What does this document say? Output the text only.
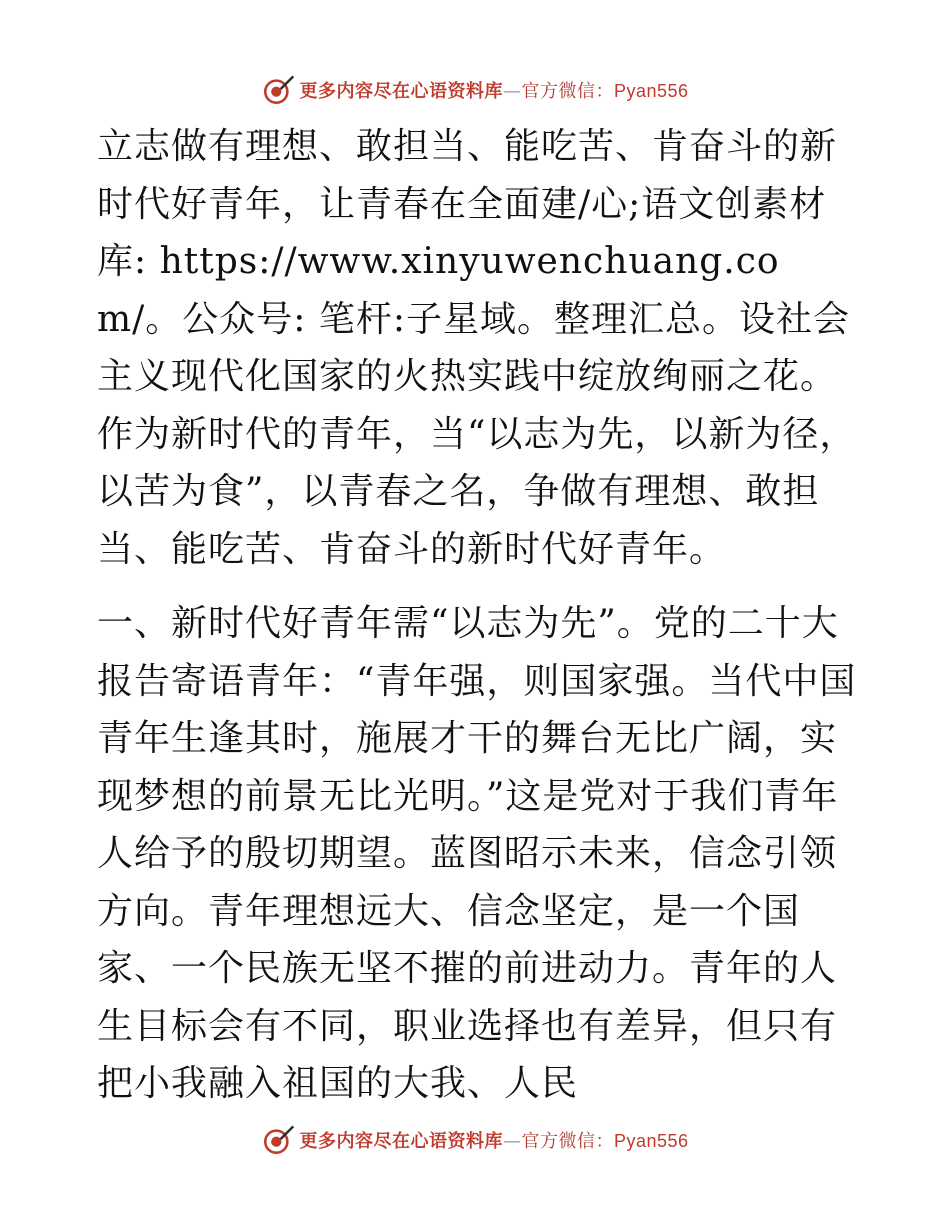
更多内容尽在心语资料库—官方微信：Pyan556

立志做有理想、敢担当、能吃苦、肯奋斗的新时代好青年，让青春在全面建/心;语文创素材库: https://www.xinyuwenchuang.com/。公众号: 笔杆:子星域。整理汇总。设社会主义现代化国家的火热实践中绽放绚丽之花。作为新时代的青年，当“以志为先，以新为径，以苦为食”，以青春之名，争做有理想、敢担当、能吃苦、肯奋斗的新时代好青年。

一、新时代好青年需“以志为先”。党的二十大报告寄语青年：“青年强，则国家强。当代中国青年生逢其时，施展才干的舞台无比广阔，实现梦想的前景无比光明。”这是党对于我们青年人给予的殷切期望。蓝图昭示未来，信念引领方向。青年理想远大、信念坚定，是一个国家、一个民族无坚不摧的前进动力。青年的人生目标会有不同，职业选择也有差异，但只有把小我融入祖国的大我、人民

更多内容尽在心语资料库—官方微信：Pyan556
